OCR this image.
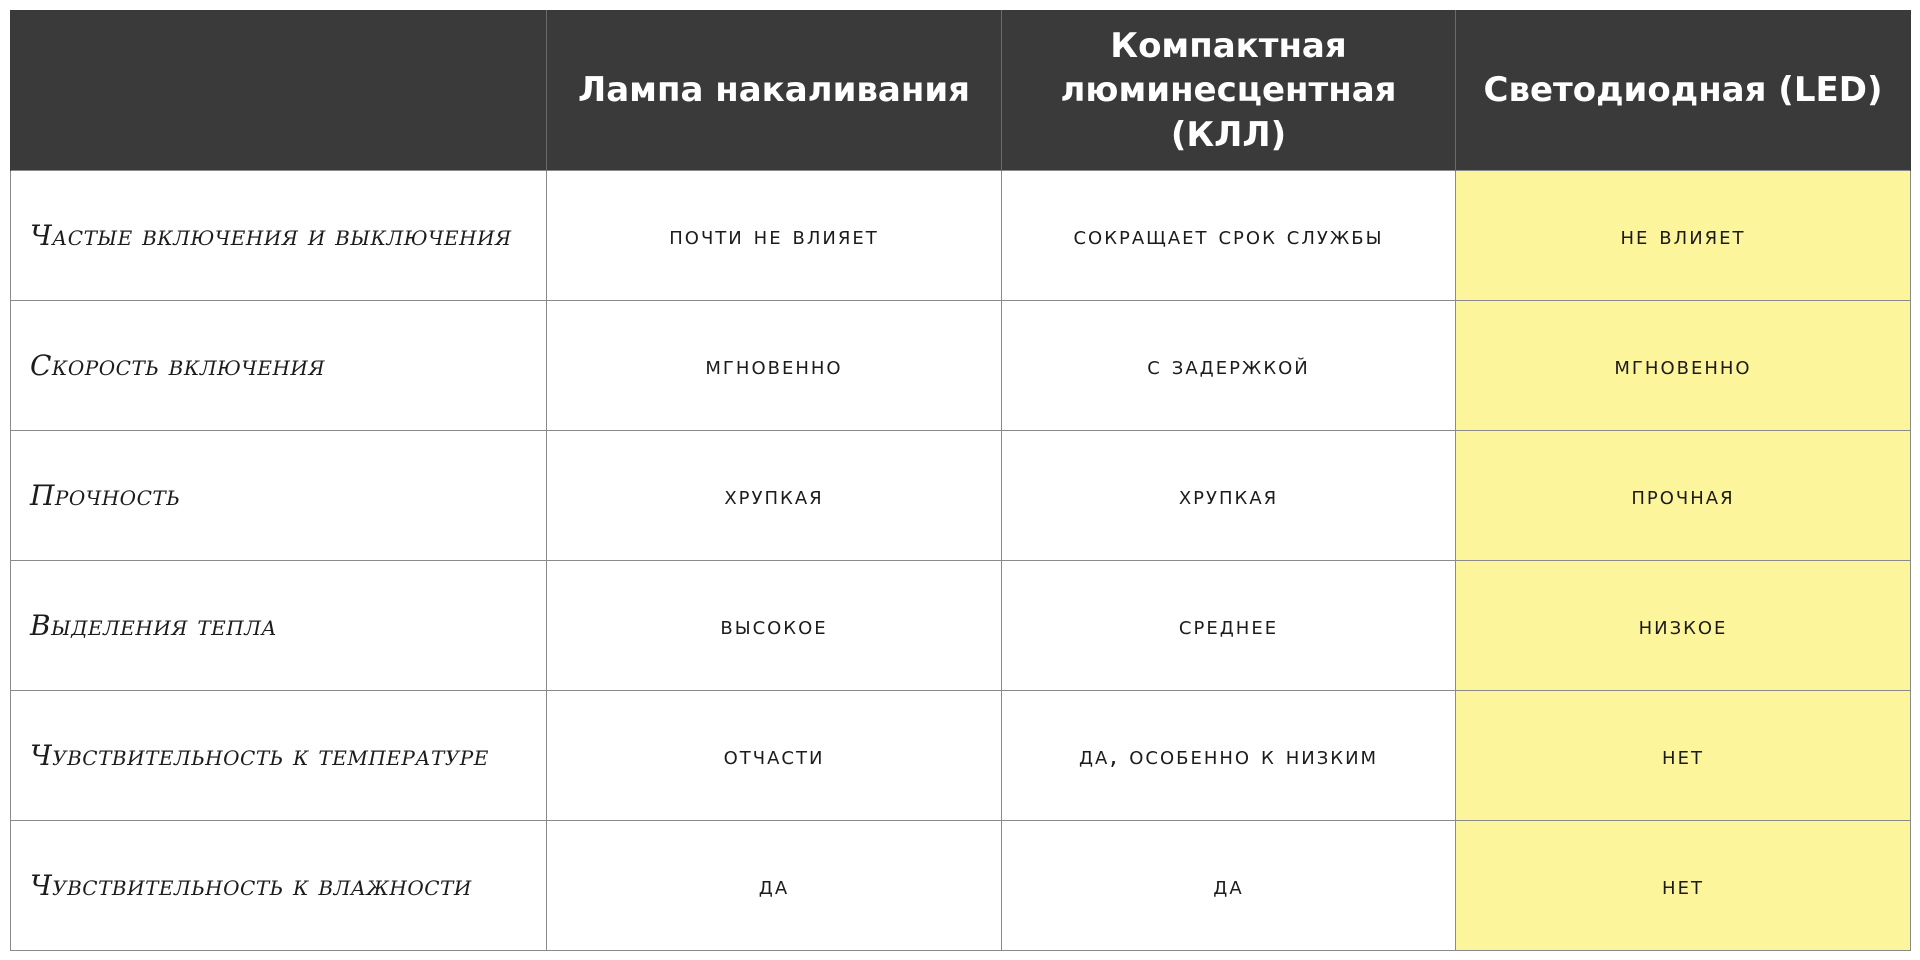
	Лампа накаливания	Компактная люминесцентная (КЛЛ)	Светодиодная (LED)
Частые включения и выключения	почти не влияет	сокращает срок службы	не влияет
Скорость включения	мгновенно	с задержкой	мгновенно
Прочность	хрупкая	хрупкая	прочная
Выделения тепла	высокое	среднее	низкое
Чувствительность к температуре	отчасти	да, особенно к низким	нет
Чувствительность к влажности	да	да	нет
